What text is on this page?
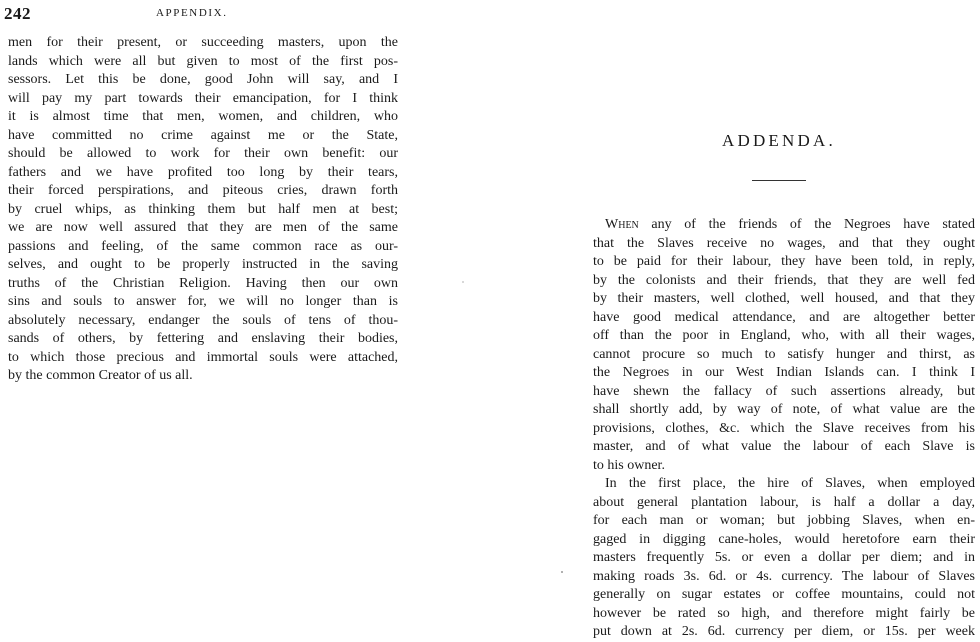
242	APPENDIX.
men for their present, or succeeding masters, upon the
lands which were all but given to most of the first pos-
sessors. Let this be done, good John will say, and I
will pay my part towards their emancipation, for I think
it is almost time that men, women, and children, who
have committed no crime against me or the State,
should be allowed to work for their own benefit: our
fathers and we have profited too long by their tears,
their forced perspirations, and piteous cries, drawn forth
by cruel whips, as thinking them but half men at best;
we are now well assured that they are men of the same
passions and feeling, of the same common race as our-
selves, and ought to be properly instructed in the saving
truths of the Christian Religion. Having then our own
sins and souls to answer for, we will no longer than is
absolutely necessary, endanger the souls of tens of thou-
sands of others, by fettering and enslaving their bodies,
to which those precious and immortal souls were attached,
by the common Creator of us all.
ADDENDA.
When any of the friends of the Negroes have stated
that the Slaves receive no wages, and that they ought
to be paid for their labour, they have been told, in reply,
by the colonists and their friends, that they are well fed
by their masters, well clothed, well housed, and that they
have good medical attendance, and are altogether better
off than the poor in England, who, with all their wages,
cannot procure so much to satisfy hunger and thirst, as
the Negroes in our West Indian Islands can. I think I
have shewn the fallacy of such assertions already, but
shall shortly add, by way of note, of what value are the
provisions, clothes, &c. which the Slave receives from his
master, and of what value the labour of each Slave is
to his owner.
In the first place, the hire of Slaves, when employed
about general plantation labour, is half a dollar a day,
for each man or woman; but jobbing Slaves, when en-
gaged in digging cane-holes, would heretofore earn their
masters frequently 5s. or even a dollar per diem; and in
making roads 3s. 6d. or 4s. currency. The labour of Slaves
generally on sugar estates or coffee mountains, could not
however be rated so high, and therefore might fairly be
put down at 2s. 6d. currency per diem, or 15s. per week
